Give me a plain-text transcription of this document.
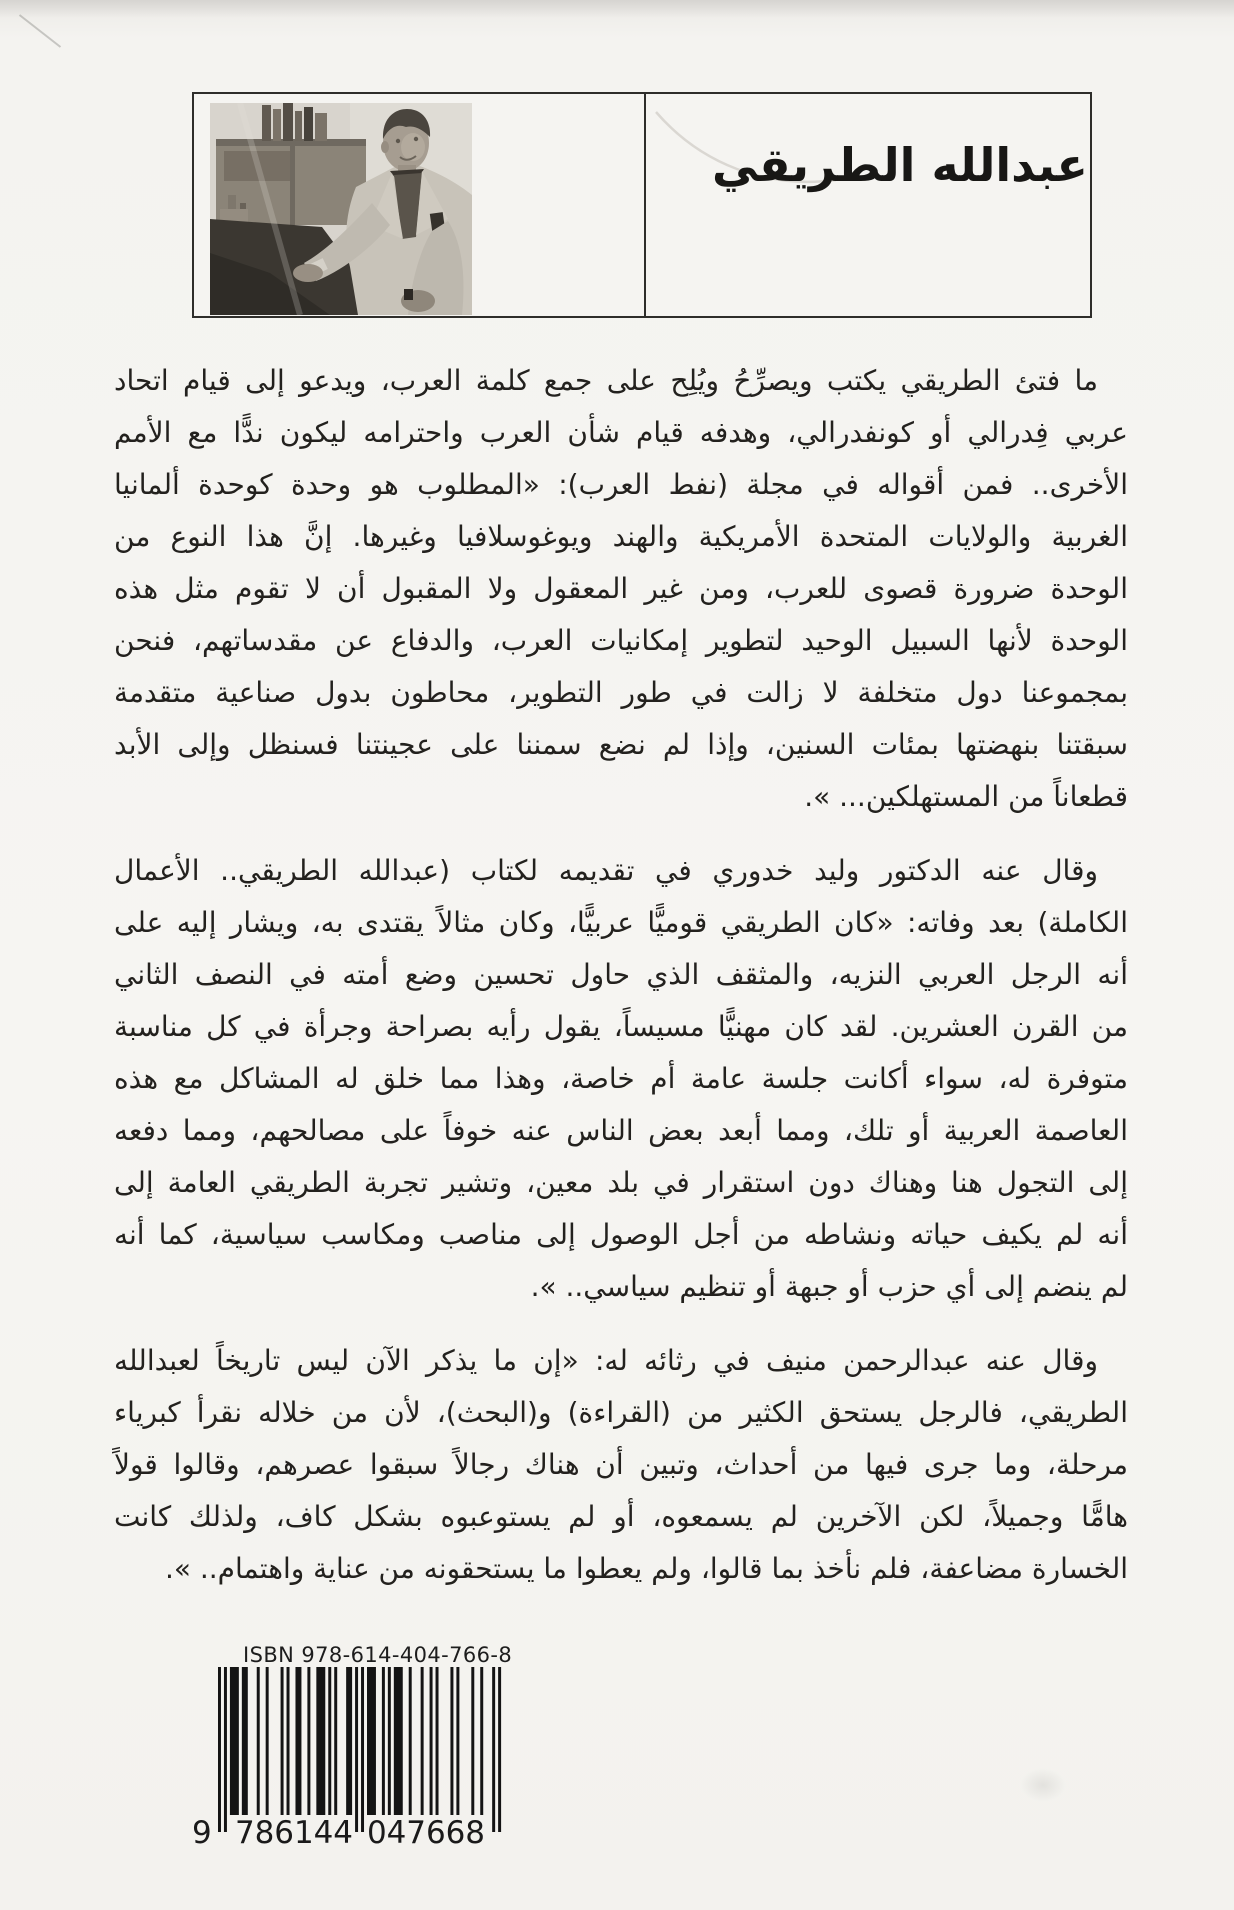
عبدالله الطريقي
ما فتئ الطريقي يكتب ويصرِّحُ ويُلِح على جمع كلمة العرب، ويدعو إلى قيام اتحاد
عربي فِدرالي أو كونفدرالي، وهدفه قيام شأن العرب واحترامه ليكون ندًّا مع الأمم
الأخرى.. فمن أقواله في مجلة (نفط العرب): «المطلوب هو وحدة كوحدة ألمانيا
الغربية والولايات المتحدة الأمريكية والهند ويوغوسلافيا وغيرها. إنَّ هذا النوع من
الوحدة ضرورة قصوى للعرب، ومن غير المعقول ولا المقبول أن لا تقوم مثل هذه
الوحدة لأنها السبيل الوحيد لتطوير إمكانيات العرب، والدفاع عن مقدساتهم، فنحن
بمجموعنا دول متخلفة لا زالت في طور التطوير، محاطون بدول صناعية متقدمة
سبقتنا بنهضتها بمئات السنين، وإذا لم نضع سمننا على عجينتنا فسنظل وإلى الأبد
قطعاناً من المستهلكين... ».
وقال عنه الدكتور وليد خدوري في تقديمه لكتاب (عبدالله الطريقي.. الأعمال
الكاملة) بعد وفاته: «كان الطريقي قوميًّا عربيًّا، وكان مثالاً يقتدى به، ويشار إليه على
أنه الرجل العربي النزيه، والمثقف الذي حاول تحسين وضع أمته في النصف الثاني
من القرن العشرين. لقد كان مهنيًّا مسيساً، يقول رأيه بصراحة وجرأة في كل مناسبة
متوفرة له، سواء أكانت جلسة عامة أم خاصة، وهذا مما خلق له المشاكل مع هذه
العاصمة العربية أو تلك، ومما أبعد بعض الناس عنه خوفاً على مصالحهم، ومما دفعه
إلى التجول هنا وهناك دون استقرار في بلد معين، وتشير تجربة الطريقي العامة إلى
أنه لم يكيف حياته ونشاطه من أجل الوصول إلى مناصب ومكاسب سياسية، كما أنه
لم ينضم إلى أي حزب أو جبهة أو تنظيم سياسي.. ».
وقال عنه عبدالرحمن منيف في رثائه له: «إن ما يذكر الآن ليس تاريخاً لعبدالله
الطريقي، فالرجل يستحق الكثير من (القراءة) و(البحث)، لأن من خلاله نقرأ كبرياء
مرحلة، وما جرى فيها من أحداث، وتبين أن هناك رجالاً سبقوا عصرهم، وقالوا قولاً
هامًّا وجميلاً، لكن الآخرين لم يسمعوه، أو لم يستوعبوه بشكل كاف، ولذلك كانت
الخسارة مضاعفة، فلم نأخذ بما قالوا، ولم يعطوا ما يستحقونه من عناية واهتمام.. ».
ISBN 978-614-404-766-8
9 786144 047668
